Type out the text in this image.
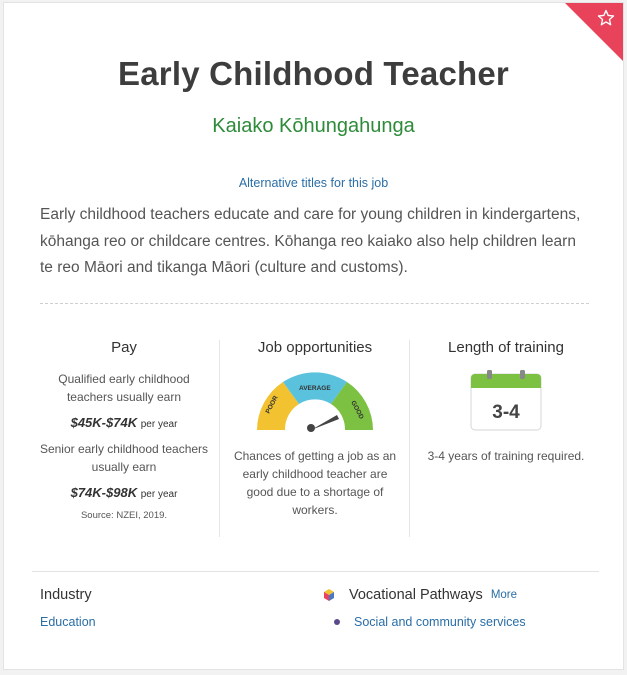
Early Childhood Teacher
Kaiako Kōhungahunga
Alternative titles for this job
Early childhood teachers educate and care for young children in kindergartens, kōhanga reo or childcare centres. Kōhanga reo kaiako also help children learn te reo Māori and tikanga Māori (culture and customs).
Pay
Qualified early childhood teachers usually earn
$45K-$74K per year
Senior early childhood teachers usually earn
$74K-$98K per year
Source: NZEI, 2019.
Job opportunities
POOR
AVERAGE
GOOD
Chances of getting a job as an early childhood teacher are good due to a shortage of workers.
Length of training
3-4
3-4 years of training required.
Industry
Education
Vocational Pathways More
Social and community services
